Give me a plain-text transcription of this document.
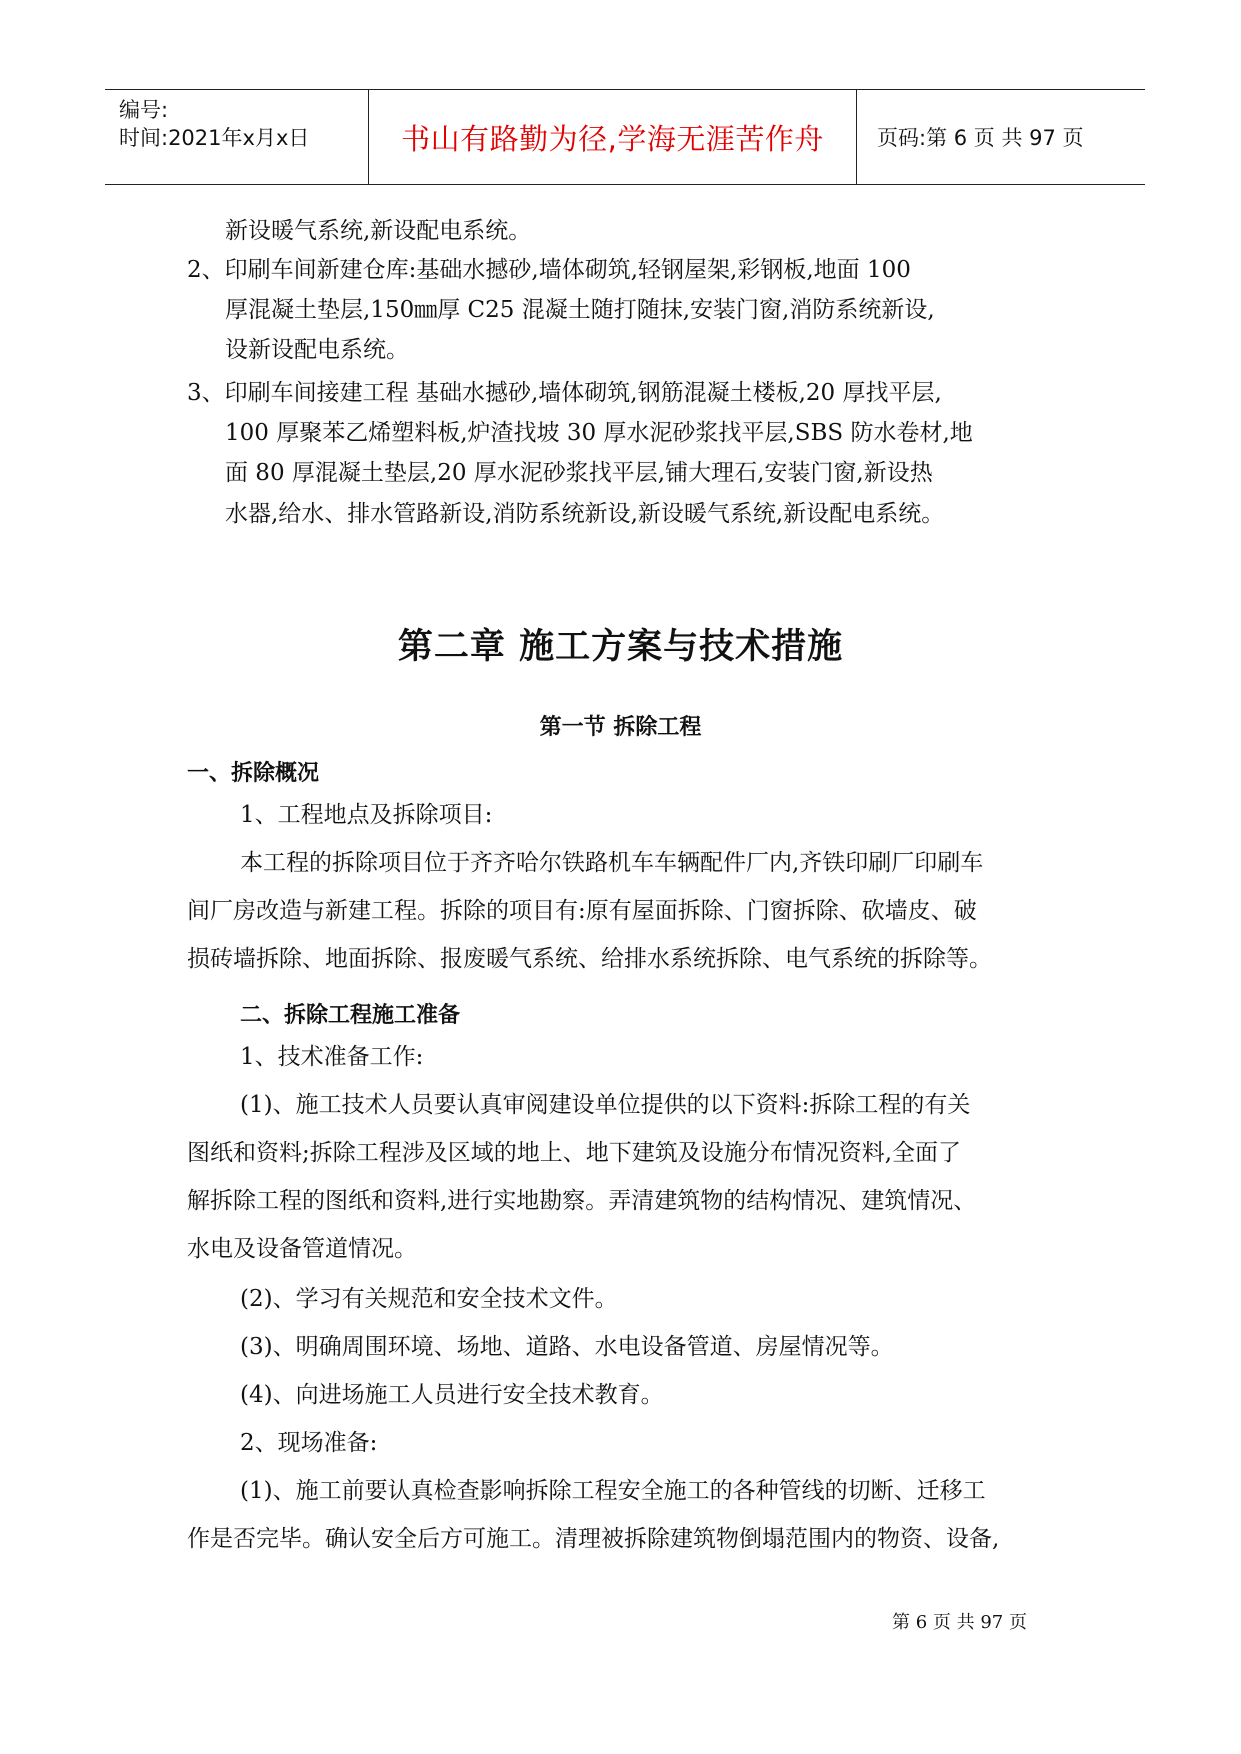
编号:
时间:2021年x月x日	书山有路勤为径,学海无涯苦作舟	页码:第 6 页 共 97 页
新设暖气系统,新设配电系统。
2、印刷车间新建仓库:基础水撼砂,墙体砌筑,轻钢屋架,彩钢板,地面 100
厚混凝土垫层,150㎜厚 C25 混凝土随打随抹,安装门窗,消防系统新设,
设新设配电系统。
3、印刷车间接建工程 基础水撼砂,墙体砌筑,钢筋混凝土楼板,20 厚找平层,
100 厚聚苯乙烯塑料板,炉渣找坡 30 厚水泥砂浆找平层,SBS 防水卷材,地
面 80 厚混凝土垫层,20 厚水泥砂浆找平层,铺大理石,安装门窗,新设热
水器,给水、排水管路新设,消防系统新设,新设暖气系统,新设配电系统。
第二章 施工方案与技术措施
第一节 拆除工程
一、拆除概况
1、工程地点及拆除项目:
本工程的拆除项目位于齐齐哈尔铁路机车车辆配件厂内,齐铁印刷厂印刷车
间厂房改造与新建工程。拆除的项目有:原有屋面拆除、门窗拆除、砍墙皮、破
损砖墙拆除、地面拆除、报废暖气系统、给排水系统拆除、电气系统的拆除等。
二、拆除工程施工准备
1、技术准备工作:
(1)、施工技术人员要认真审阅建设单位提供的以下资料:拆除工程的有关
图纸和资料;拆除工程涉及区域的地上、地下建筑及设施分布情况资料,全面了
解拆除工程的图纸和资料,进行实地勘察。弄清建筑物的结构情况、建筑情况、
水电及设备管道情况。
(2)、学习有关规范和安全技术文件。
(3)、明确周围环境、场地、道路、水电设备管道、房屋情况等。
(4)、向进场施工人员进行安全技术教育。
2、现场准备:
(1)、施工前要认真检查影响拆除工程安全施工的各种管线的切断、迁移工
作是否完毕。确认安全后方可施工。清理被拆除建筑物倒塌范围内的物资、设备,
第 6 页 共 97 页
